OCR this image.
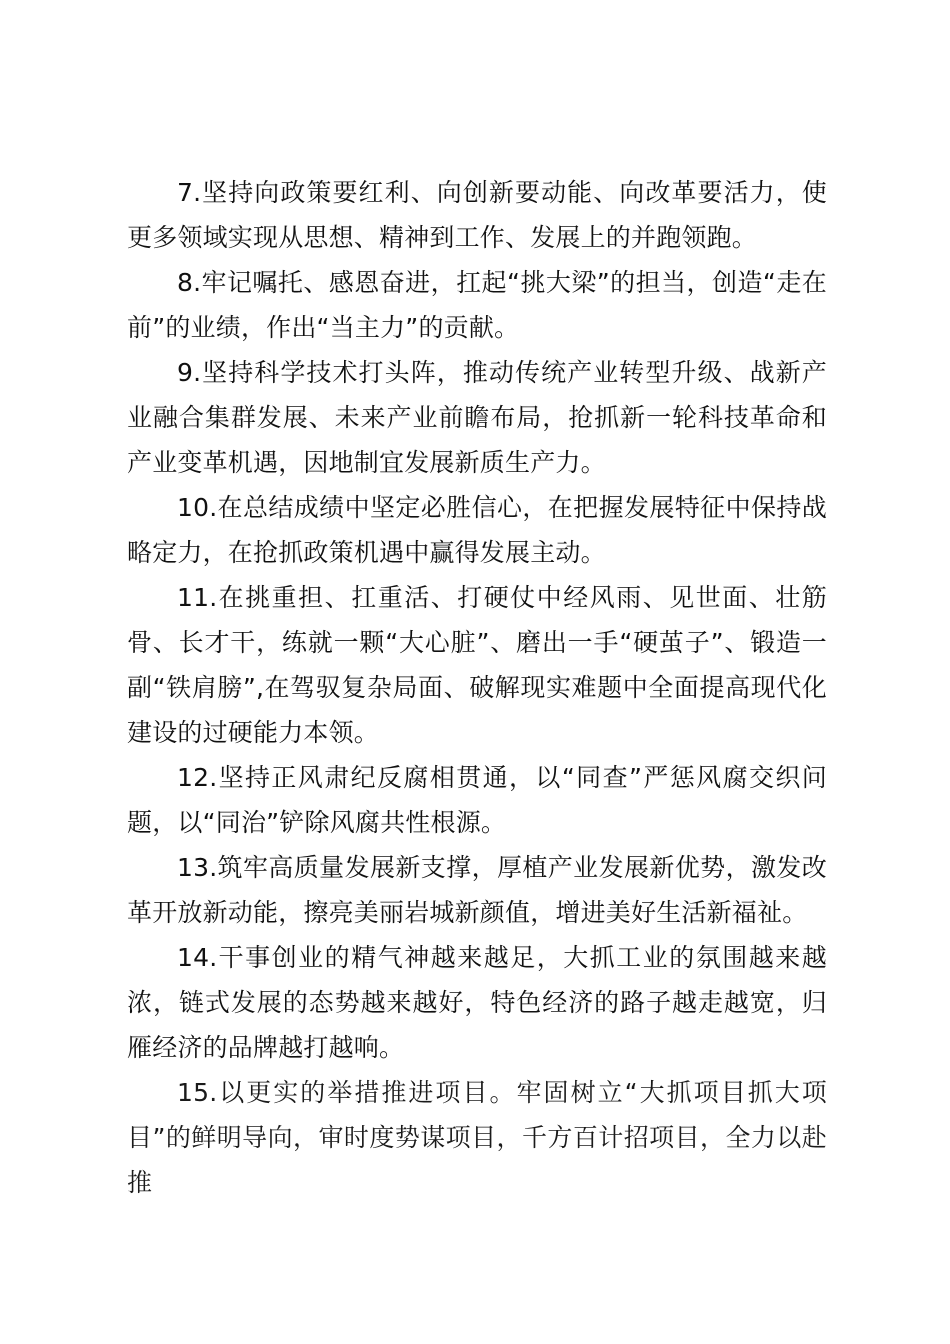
7.坚持向政策要红利、向创新要动能、向改革要活力，使更多领域实现从思想、精神到工作、发展上的并跑领跑。

8.牢记嘱托、感恩奋进，扛起“挑大梁”的担当，创造“走在前”的业绩，作出“当主力”的贡献。

9.坚持科学技术打头阵，推动传统产业转型升级、战新产业融合集群发展、未来产业前瞻布局，抢抓新一轮科技革命和产业变革机遇，因地制宜发展新质生产力。

10.在总结成绩中坚定必胜信心，在把握发展特征中保持战略定力，在抢抓政策机遇中赢得发展主动。

11.在挑重担、扛重活、打硬仗中经风雨、见世面、壮筋骨、长才干，练就一颗“大心脏”、磨出一手“硬茧子”、锻造一副“铁肩膀”,在驾驭复杂局面、破解现实难题中全面提高现代化建设的过硬能力本领。

12.坚持正风肃纪反腐相贯通，以“同查”严惩风腐交织问题，以“同治”铲除风腐共性根源。

13.筑牢高质量发展新支撑，厚植产业发展新优势，激发改革开放新动能，擦亮美丽岩城新颜值，增进美好生活新福祉。

14.干事创业的精气神越来越足，大抓工业的氛围越来越浓，链式发展的态势越来越好，特色经济的路子越走越宽，归雁经济的品牌越打越响。

15.以更实的举措推进项目。牢固树立“大抓项目抓大项目”的鲜明导向，审时度势谋项目，千方百计招项目，全力以赴推
